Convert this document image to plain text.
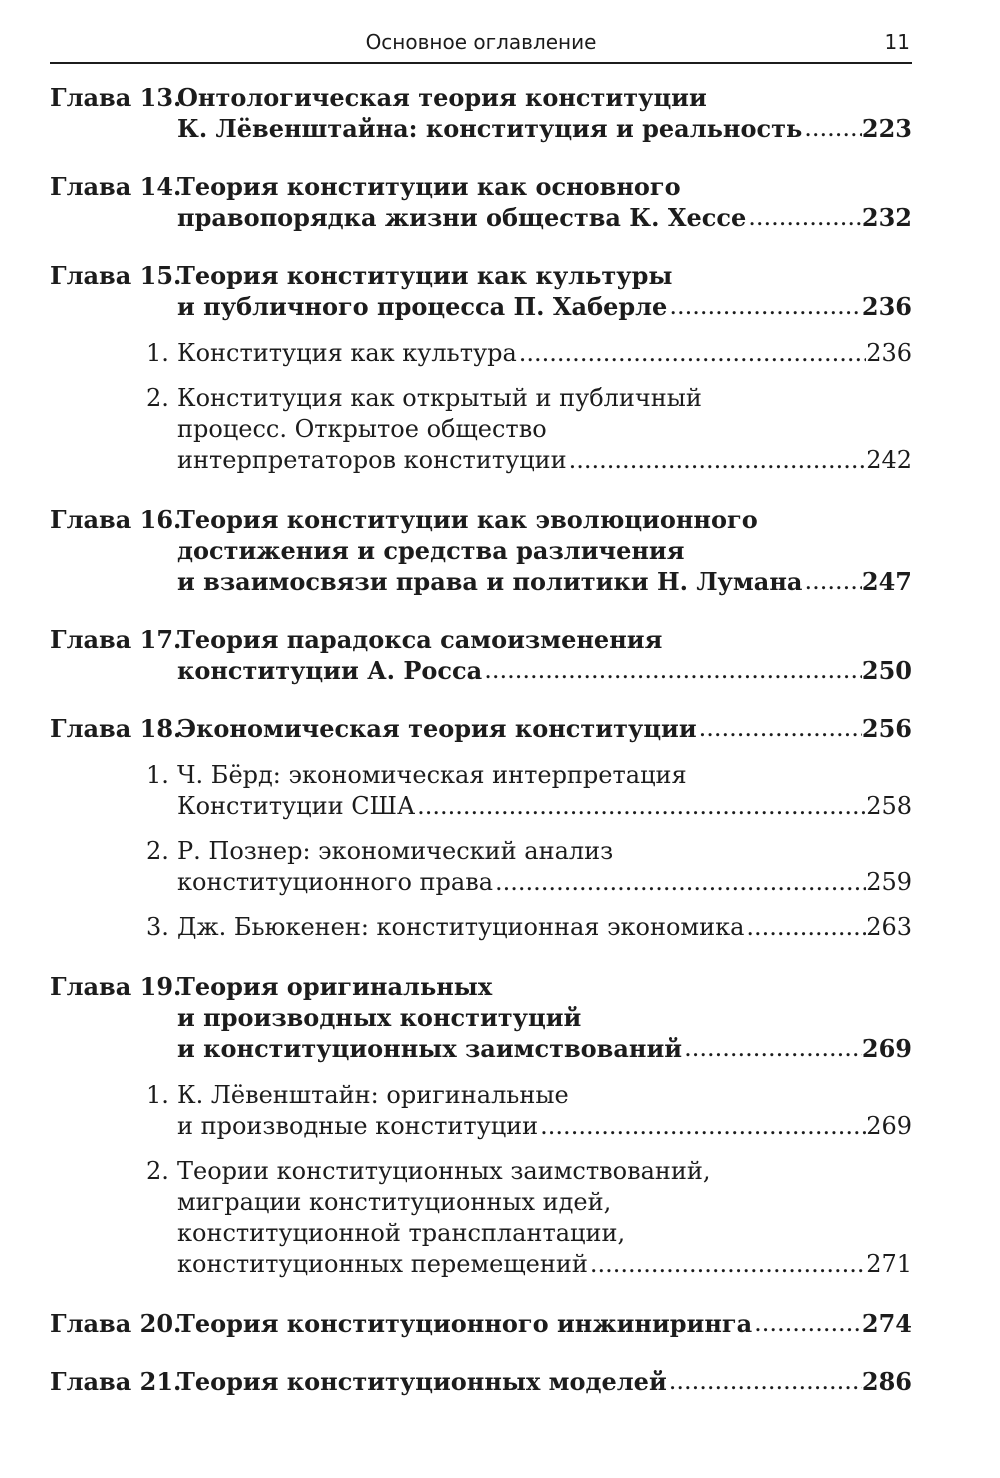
Основное оглавление	11
Глава 13.
Онтологическая теория конституции
К. Лёвенштайна: конституция и реальность ..... 223
Глава 14.
Теория конституции как основного
правопорядка жизни общества К. Хессе .....	232
Глава 15.
Теория конституции как культуры
и публичного процесса П. Хаберле .....	236
1. Конституция как культура .....	236
2. Конституция как открытый и публичный
процесс. Открытое общество
интерпретаторов конституции .....	242
Глава 16.
Теория конституции как эволюционного
достижения и средства различения
и взаимосвязи права и политики Н. Лумана ..... 247
Глава 17.
Теория парадокса самоизменения
конституции А. Росса .....	250
Глава 18.
Экономическая теория конституции .....	256
1. Ч. Бёрд: экономическая интерпретация
Конституции США .....	258
2. Р. Познер: экономический анализ
конституционного права .....	259
3. Дж. Бьюкенен: конституционная экономика .....	263
Глава 19.
Теория оригинальных
и производных конституций
и конституционных заимствований .....	269
1. К. Лёвенштайн: оригинальные
и производные конституции .....	269
2. Теории конституционных заимствований,
миграции конституционных идей,
конституционной трансплантации,
конституционных перемещений .....	271
Глава 20.
Теория конституционного инжиниринга .....	274
Глава 21.
Теория конституционных моделей .....	286
